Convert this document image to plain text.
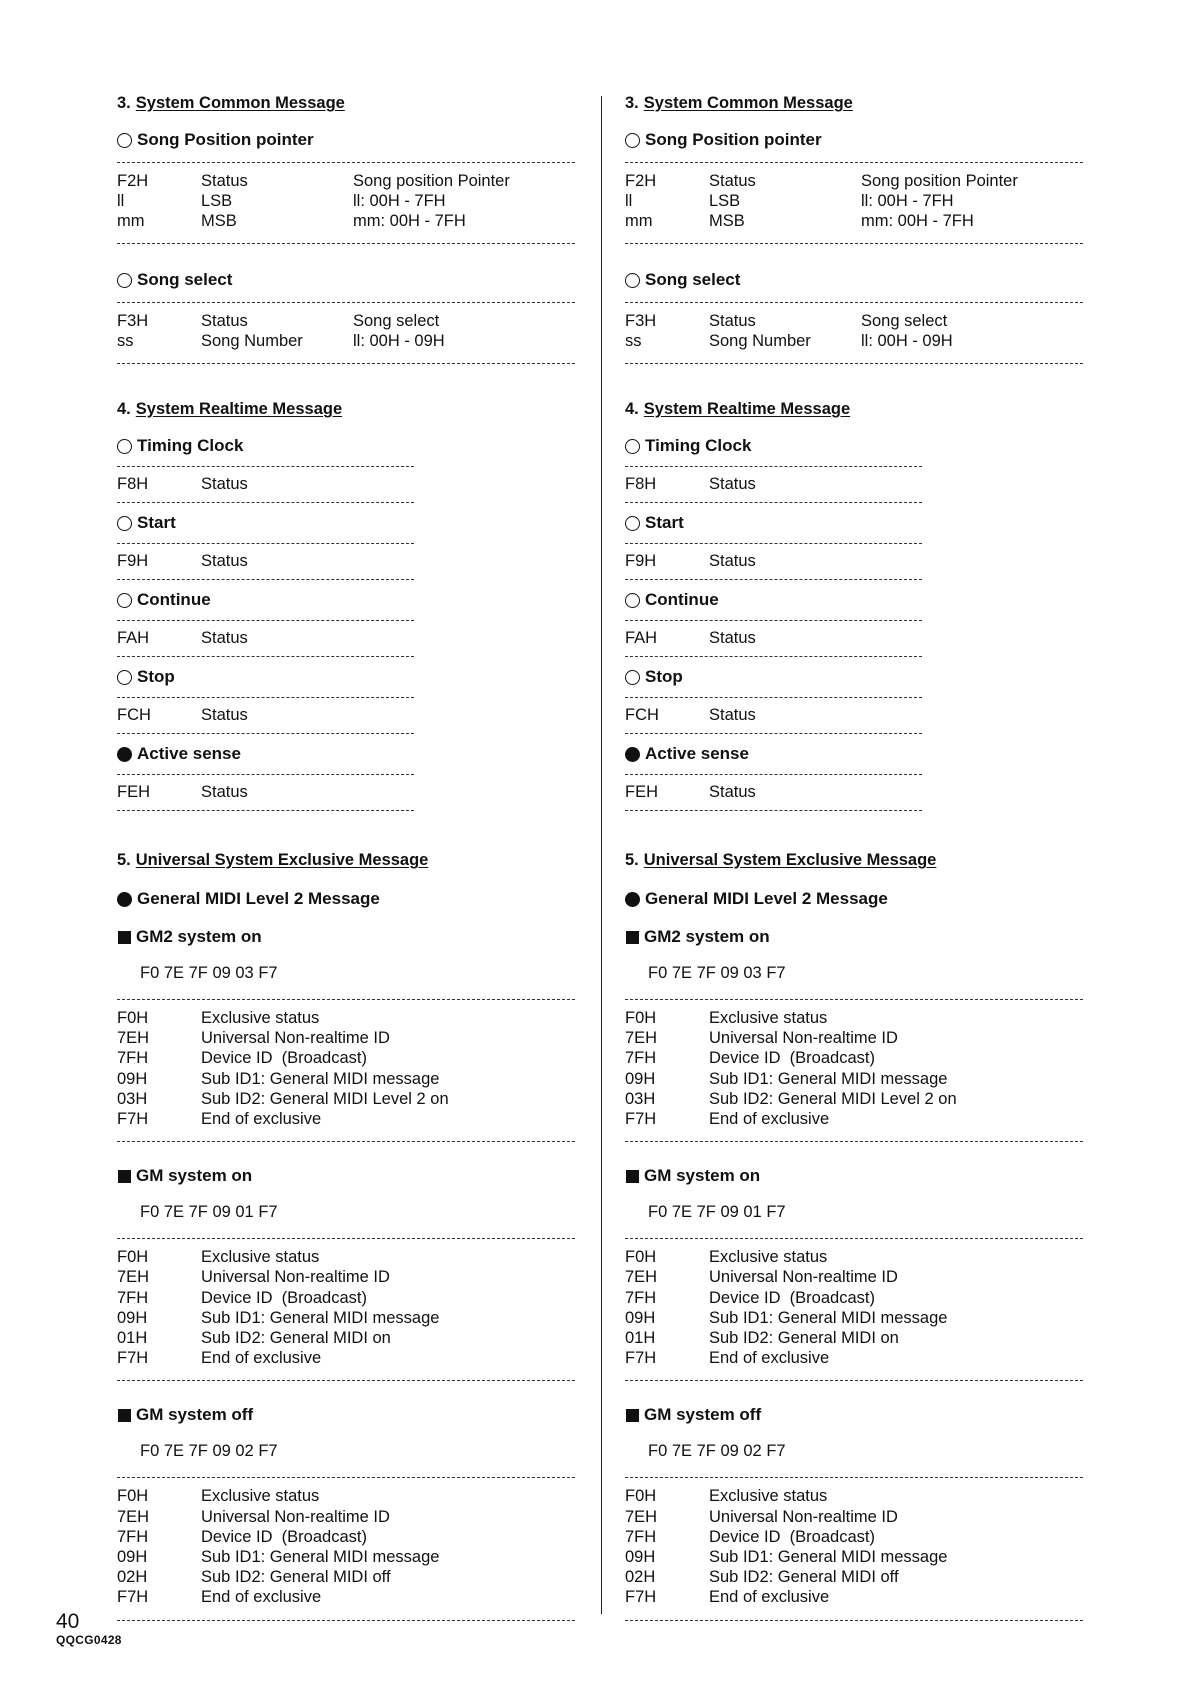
3. System Common Message
Song Position pointer
F2H	Status	Song position Pointer
ll	LSB	ll: 00H - 7FH
mm	MSB	mm: 00H - 7FH
Song select
F3H	Status	Song select
ss	Song Number	ll: 00H - 09H
4. System Realtime Message
Timing Clock
F8H	Status
Start
F9H	Status
Continue
FAH	Status
Stop
FCH	Status
Active sense
FEH	Status
5. Universal System Exclusive Message
General MIDI Level 2 Message
GM2 system on
F0 7E 7F 09 03 F7
F0H	Exclusive status
7EH	Universal Non-realtime ID
7FH	Device ID  (Broadcast)
09H	Sub ID1: General MIDI message
03H	Sub ID2: General MIDI Level 2 on
F7H	End of exclusive
GM system on
F0 7E 7F 09 01 F7
F0H	Exclusive status
7EH	Universal Non-realtime ID
7FH	Device ID  (Broadcast)
09H	Sub ID1: General MIDI message
01H	Sub ID2: General MIDI on
F7H	End of exclusive
GM system off
F0 7E 7F 09 02 F7
F0H	Exclusive status
7EH	Universal Non-realtime ID
7FH	Device ID  (Broadcast)
09H	Sub ID1: General MIDI message
02H	Sub ID2: General MIDI off
F7H	End of exclusive
3. System Common Message
Song Position pointer
F2H	Status	Song position Pointer
ll	LSB	ll: 00H - 7FH
mm	MSB	mm: 00H - 7FH
Song select
F3H	Status	Song select
ss	Song Number	ll: 00H - 09H
4. System Realtime Message
Timing Clock
F8H	Status
Start
F9H	Status
Continue
FAH	Status
Stop
FCH	Status
Active sense
FEH	Status
5. Universal System Exclusive Message
General MIDI Level 2 Message
GM2 system on
F0 7E 7F 09 03 F7
F0H	Exclusive status
7EH	Universal Non-realtime ID
7FH	Device ID  (Broadcast)
09H	Sub ID1: General MIDI message
03H	Sub ID2: General MIDI Level 2 on
F7H	End of exclusive
GM system on
F0 7E 7F 09 01 F7
F0H	Exclusive status
7EH	Universal Non-realtime ID
7FH	Device ID  (Broadcast)
09H	Sub ID1: General MIDI message
01H	Sub ID2: General MIDI on
F7H	End of exclusive
GM system off
F0 7E 7F 09 02 F7
F0H	Exclusive status
7EH	Universal Non-realtime ID
7FH	Device ID  (Broadcast)
09H	Sub ID1: General MIDI message
02H	Sub ID2: General MIDI off
F7H	End of exclusive
40
QQCG0428
